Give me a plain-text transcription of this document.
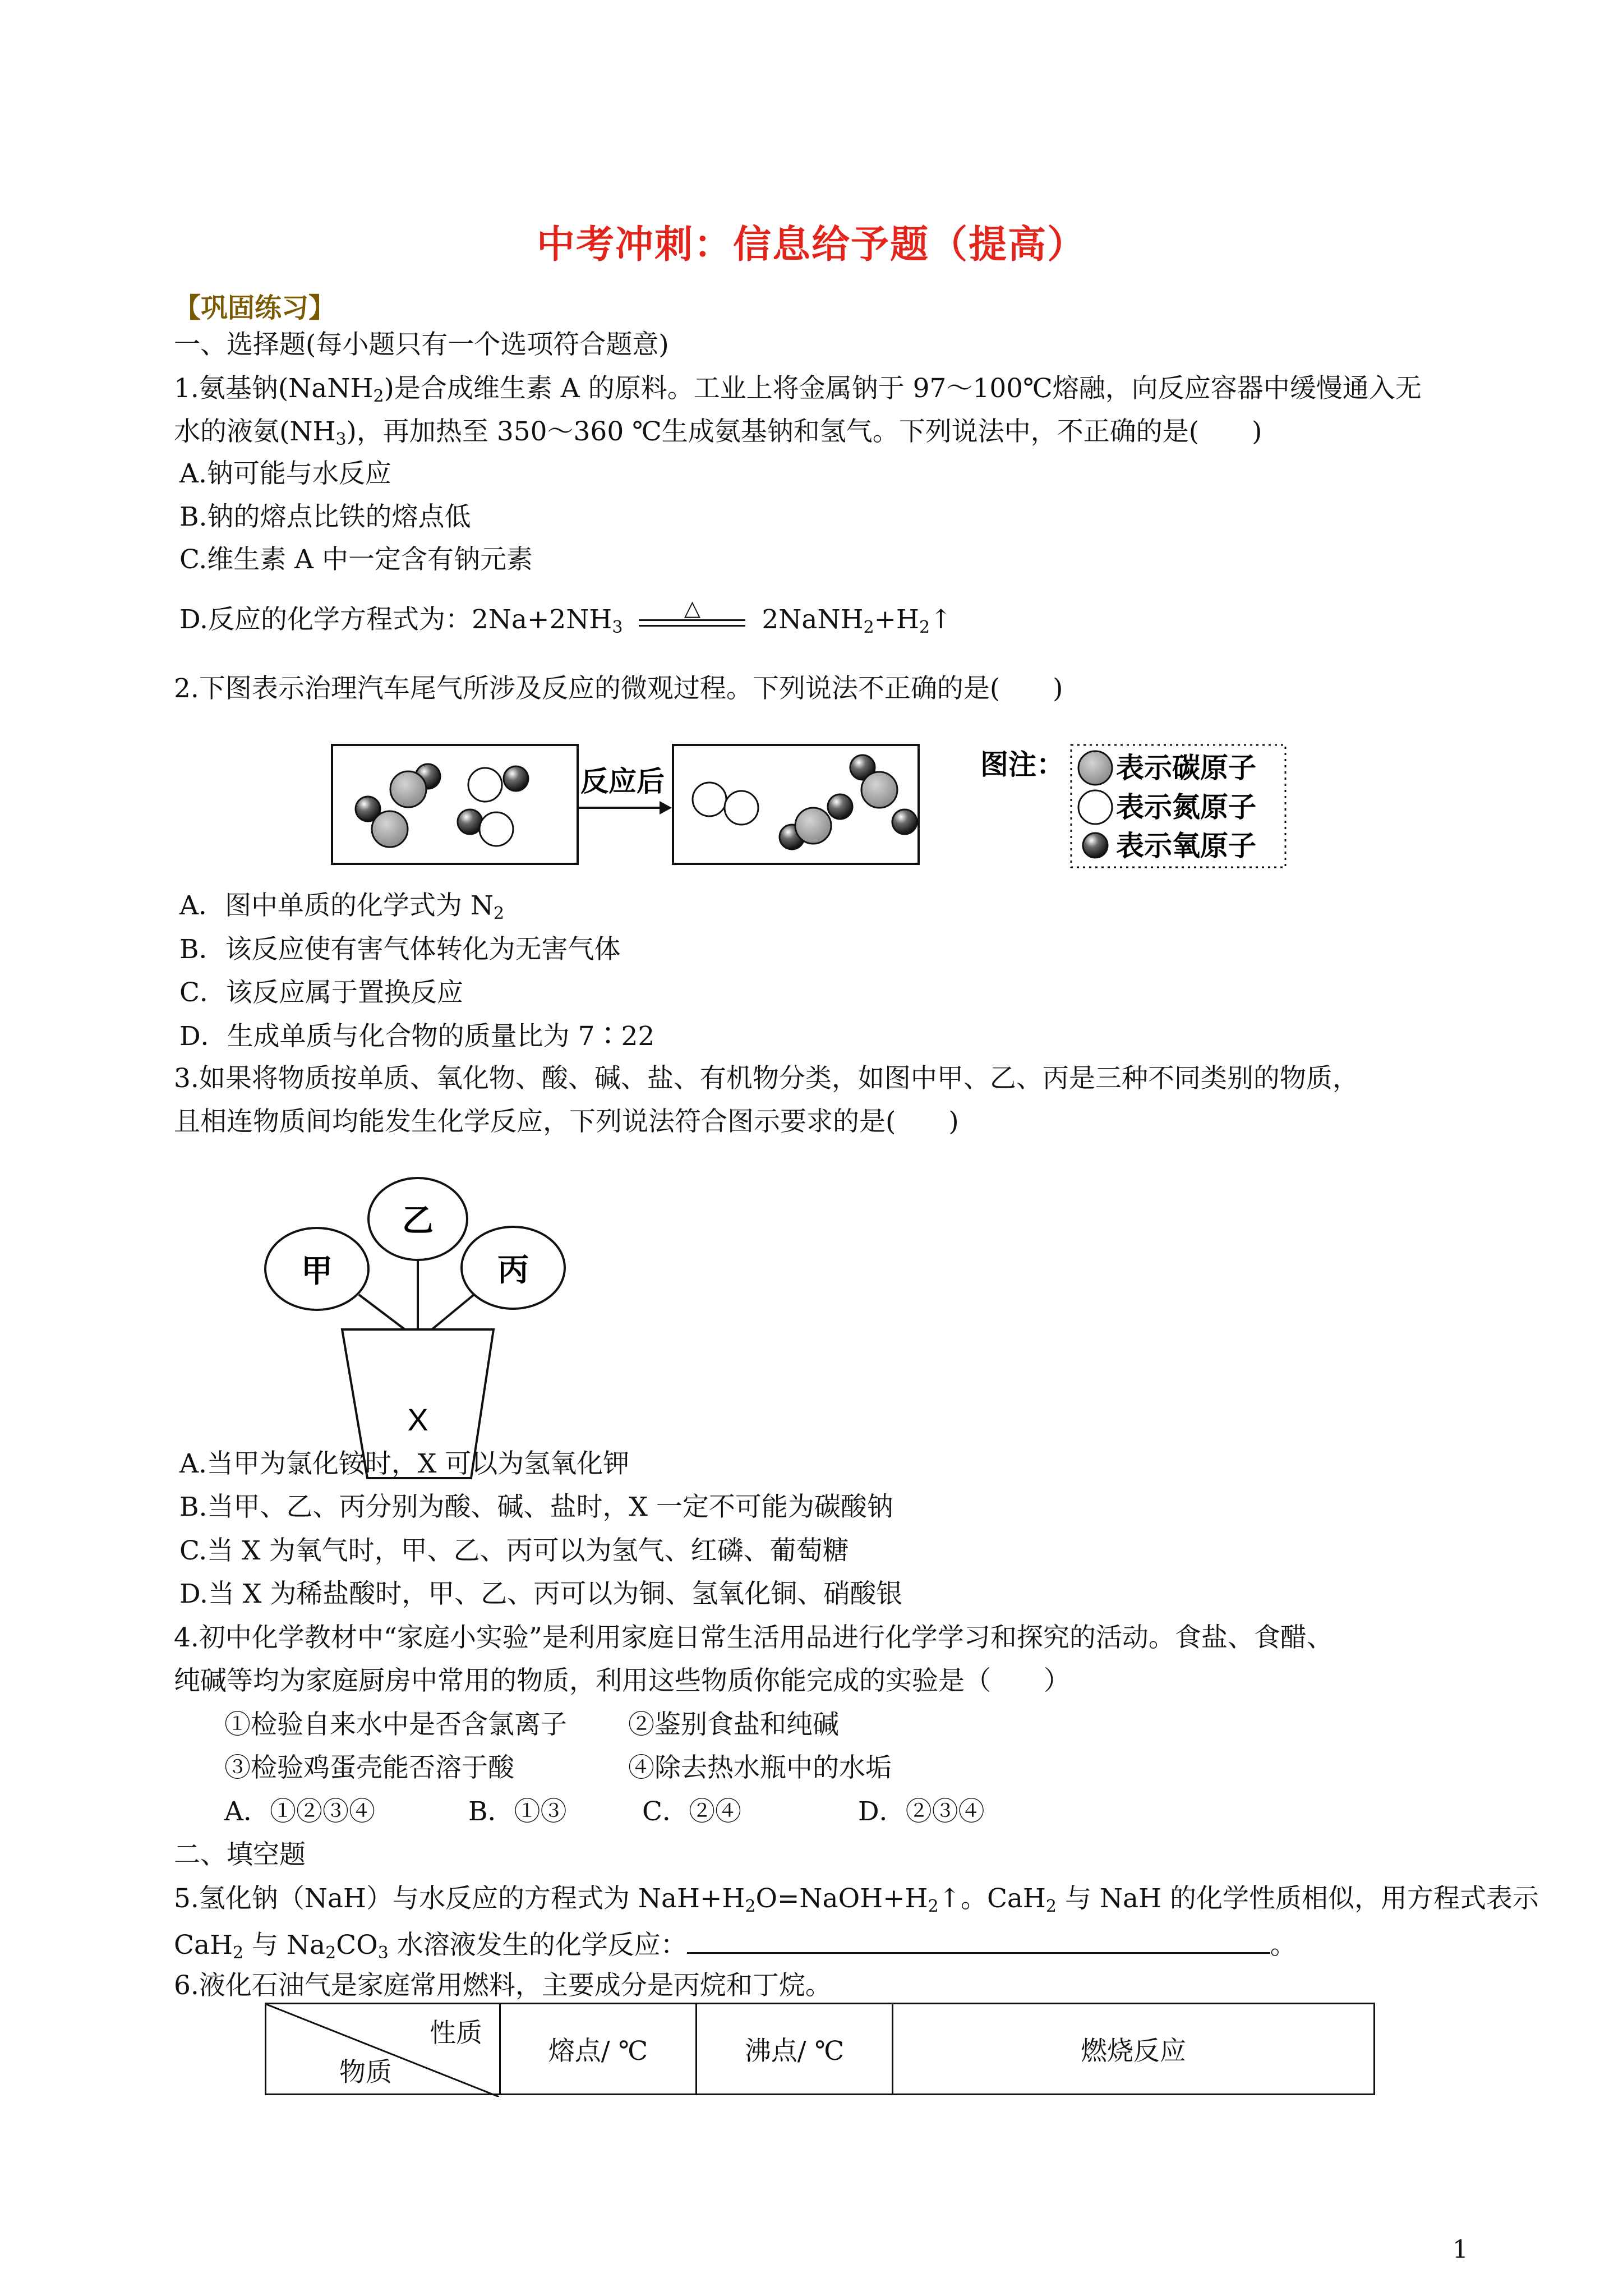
中考冲刺：信息给予题（提高）
【巩固练习】
一、选择题(每小题只有一个选项符合题意)
1.氨基钠(NaNH$_2$)是合成维生素 A 的原料。工业上将金属钠于 97～100℃熔融，向反应容器中缓慢通入无
水的液氨$(NH_3)$，再加热至 350～360 ℃生成氨基钠和氢气。下列说法中，不正确的是(　　)
A.钠可能与水反应
B.钠的熔点比铁的熔点低
C.维生素 A 中一定含有钠元素
D.反应的化学方程式为：$2Na+2NH_3$
△	$2NaNH_2+H_2↑$
2.下图表示治理汽车尾气所涉及反应的微观过程。下列说法不正确的是(　　)
反应后
图注： 表示碳原子
表示氮原子
表示氧原子
A．图中单质的化学式为 $N_2$
B．该反应使有害气体转化为无害气体
C．该反应属于置换反应
D．生成单质与化合物的质量比为 7∶22
3.如果将物质按单质、氧化物、酸、碱、盐、有机物分类，如图中甲、乙、丙是三种不同类别的物质，
且相连物质间均能发生化学反应，下列说法符合图示要求的是(　　)
乙
甲	丙
X
A.当甲为氯化铵时，X 可以为氢氧化钾
B.当甲、乙、丙分别为酸、碱、盐时，X 一定不可能为碳酸钠
C.当 X 为氧气时，甲、乙、丙可以为氢气、红磷、葡萄糖
D.当 X 为稀盐酸时，甲、乙、丙可以为铜、氢氧化铜、硝酸银
4.初中化学教材中“家庭小实验”是利用家庭日常生活用品进行化学学习和探究的活动。食盐、食醋、
纯碱等均为家庭厨房中常用的物质，利用这些物质你能完成的实验是（　　）
①检验自来水中是否含氯离子 ②鉴别食盐和纯碱
③检验鸡蛋壳能否溶于酸	④除去热水瓶中的水垢
A．①②③④	B．①③	C．②④	D．②③④
二、填空题
5.氢化钠（NaH）与水反应的方程式为 $NaH+H_2O=NaOH+H_2↑$。CaH$_2$ 与 NaH 的化学性质相似，用方程式表示
CaH$_2$ 与 $Na_2CO_3$ 水溶液发生的化学反应：	。
6.液化石油气是家庭常用燃料，主要成分是丙烷和丁烷。
性质
物质
	熔点/ ℃	沸点/ ℃	燃烧反应
1
